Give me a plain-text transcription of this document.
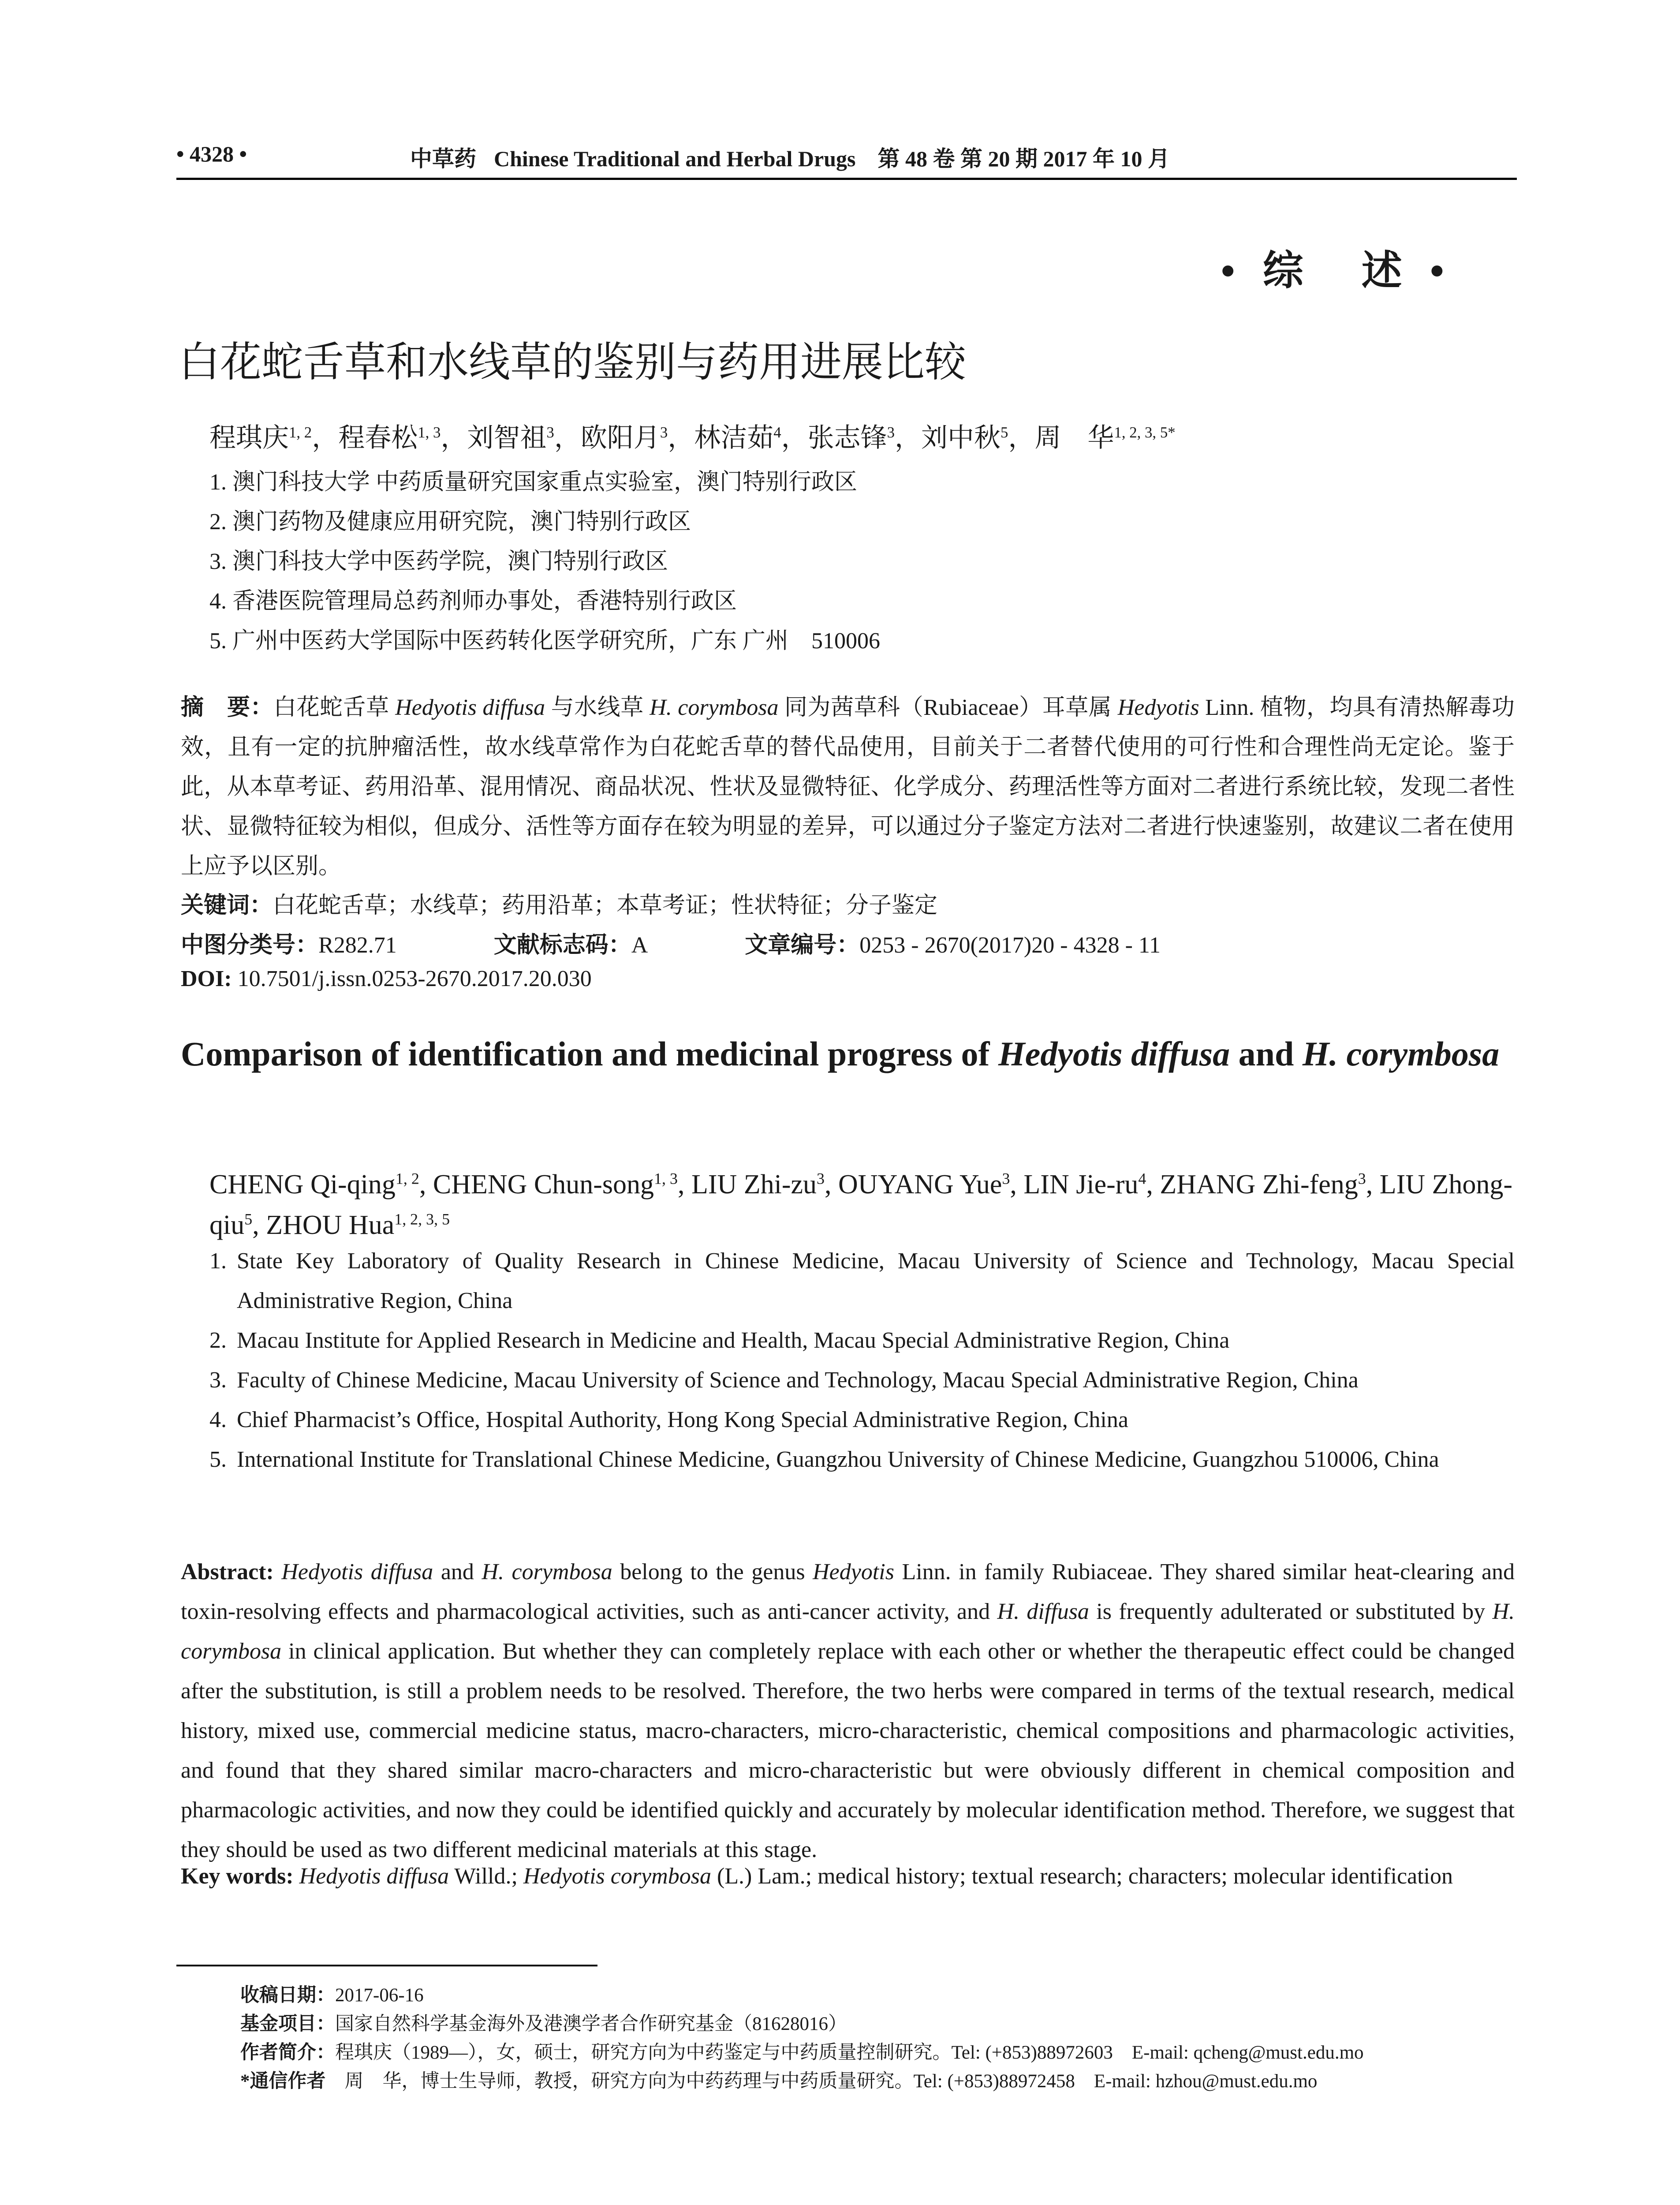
• 4328 •	中草药 Chinese Traditional and Herbal Drugs　第 48 卷 第 20 期 2017 年 10 月
• 综　述 •
白花蛇舌草和水线草的鉴别与药用进展比较
程琪庆$^{1, 2}$，程春松$^{1, 3}$，刘智祖$^3$，欧阳月$^3$，林洁茹$^4$，张志锋$^3$，刘中秋$^5$，周　华$^{1, 2, 3, 5*}$
1. 澳门科技大学 中药质量研究国家重点实验室，澳门特别行政区
2. 澳门药物及健康应用研究院，澳门特别行政区
3. 澳门科技大学中医药学院，澳门特别行政区
4. 香港医院管理局总药剂师办事处，香港特别行政区
5. 广州中医药大学国际中医药转化医学研究所，广东 广州　510006
摘　要：白花蛇舌草 Hedyotis diffusa 与水线草 H. corymbosa 同为茜草科（Rubiaceae）耳草属 Hedyotis Linn. 植物，均具有清热解毒功效，且有一定的抗肿瘤活性，故水线草常作为白花蛇舌草的替代品使用，目前关于二者替代使用的可行性和合理性尚无定论。鉴于此，从本草考证、药用沿革、混用情况、商品状况、性状及显微特征、化学成分、药理活性等方面对二者进行系统比较，发现二者性状、显微特征较为相似，但成分、活性等方面存在较为明显的差异，可以通过分子鉴定方法对二者进行快速鉴别，故建议二者在使用上应予以区别。
关键词：白花蛇舌草；水线草；药用沿革；本草考证；性状特征；分子鉴定
中图分类号：R282.71	文献标志码：A	文章编号：0253 - 2670(2017)20 - 4328 - 11
DOI: 10.7501/j.issn.0253-2670.2017.20.030
Comparison of identification and medicinal progress of Hedyotis diffusa and H. corymbosa
CHENG Qi-qing$^{1, 2}$, CHENG Chun-song$^{1, 3}$, LIU Zhi-$zu^3$, OUYANG Yue$^3$, LIN Jie-$ru^4$, ZHANG Zhi-feng$^3$, LIU Zhong-qiu$^5$, ZHOU Hua$^{1, 2, 3, 5}$
1. State Key Laboratory of Quality Research in Chinese Medicine, Macau University of Science and Technology, Macau Special Administrative Region, China
2. Macau Institute for Applied Research in Medicine and Health, Macau Special Administrative Region, China
3. Faculty of Chinese Medicine, Macau University of Science and Technology, Macau Special Administrative Region, China
4. Chief Pharmacist’s Office, Hospital Authority, Hong Kong Special Administrative Region, China
5. International Institute for Translational Chinese Medicine, Guangzhou University of Chinese Medicine, Guangzhou 510006, China
Abstract: Hedyotis diffusa and H. corymbosa belong to the genus Hedyotis Linn. in family Rubiaceae. They shared similar heat-clearing and toxin-resolving effects and pharmacological activities, such as anti-cancer activity, and H. diffusa is frequently adulterated or substituted by H. corymbosa in clinical application. But whether they can completely replace with each other or whether the therapeutic effect could be changed after the substitution, is still a problem needs to be resolved. Therefore, the two herbs were compared in terms of the textual research, medical history, mixed use, commercial medicine status, macro-characters, micro-characteristic, chemical compositions and pharmacologic activities, and found that they shared similar macro-characters and micro-characteristic but were obviously different in chemical composition and pharmacologic activities, and now they could be identified quickly and accurately by molecular identification method. Therefore, we suggest that they should be used as two different medicinal materials at this stage.
Key words: Hedyotis diffusa Willd.; Hedyotis corymbosa (L.) Lam.; medical history; textual research; characters; molecular identification
收稿日期：2017-06-16
基金项目：国家自然科学基金海外及港澳学者合作研究基金（81628016）
作者简介：程琪庆（1989—），女，硕士，研究方向为中药鉴定与中药质量控制研究。Tel: (+853)88972603　E-mail: qcheng@must.edu.mo
*通信作者　周　华，博士生导师，教授，研究方向为中药药理与中药质量研究。Tel: (+853)88972458　E-mail: hzhou@must.edu.mo
